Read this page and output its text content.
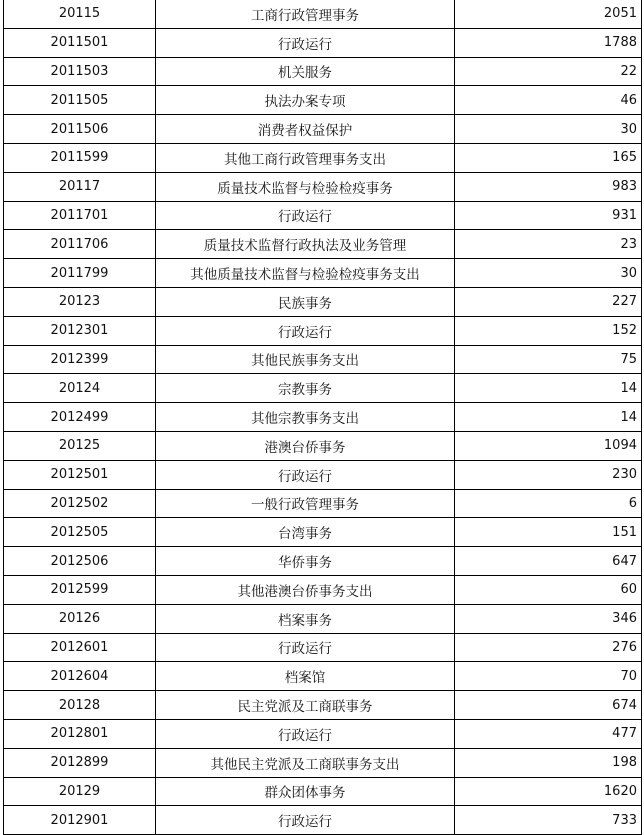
20115	工商行政管理事务	2051
2011501	行政运行	1788
2011503	机关服务	22
2011505	执法办案专项	46
2011506	消费者权益保护	30
2011599	其他工商行政管理事务支出	165
20117	质量技术监督与检验检疫事务	983
2011701	行政运行	931
2011706	质量技术监督行政执法及业务管理	23
2011799	其他质量技术监督与检验检疫事务支出	30
20123	民族事务	227
2012301	行政运行	152
2012399	其他民族事务支出	75
20124	宗教事务	14
2012499	其他宗教事务支出	14
20125	港澳台侨事务	1094
2012501	行政运行	230
2012502	一般行政管理事务	6
2012505	台湾事务	151
2012506	华侨事务	647
2012599	其他港澳台侨事务支出	60
20126	档案事务	346
2012601	行政运行	276
2012604	档案馆	70
20128	民主党派及工商联事务	674
2012801	行政运行	477
2012899	其他民主党派及工商联事务支出	198
20129	群众团体事务	1620
2012901	行政运行	733
